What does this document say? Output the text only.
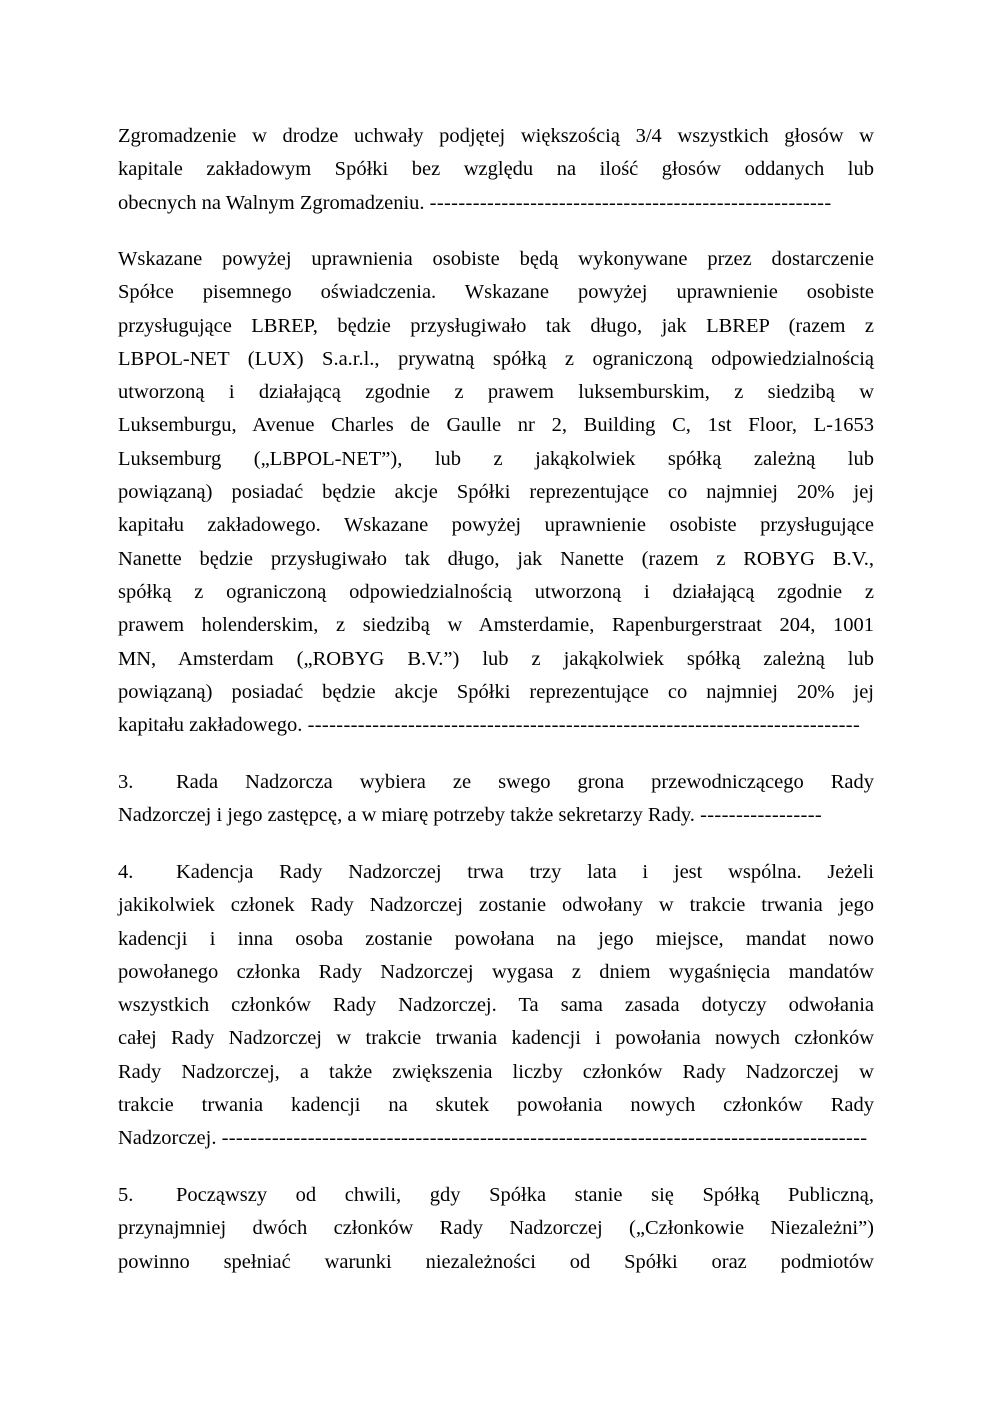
Zgromadzenie w drodze uchwały podjętej większością 3/4 wszystkich głosów w
kapitale zakładowym Spółki bez względu na ilość głosów oddanych lub
obecnych na Walnym Zgromadzeniu. --------------------------------------------------------
Wskazane powyżej uprawnienia osobiste będą wykonywane przez dostarczenie
Spółce pisemnego oświadczenia. Wskazane powyżej uprawnienie osobiste
przysługujące LBREP, będzie przysługiwało tak długo, jak LBREP (razem z
LBPOL-NET (LUX) S.a.r.l., prywatną spółką z ograniczoną odpowiedzialnością
utworzoną i działającą zgodnie z prawem luksemburskim, z siedzibą w
Luksemburgu, Avenue Charles de Gaulle nr 2, Building C, 1st Floor, L-1653
Luksemburg („LBPOL-NET”), lub z jakąkolwiek spółką zależną lub
powiązaną) posiadać będzie akcje Spółki reprezentujące co najmniej 20% jej
kapitału zakładowego. Wskazane powyżej uprawnienie osobiste przysługujące
Nanette będzie przysługiwało tak długo, jak Nanette (razem z ROBYG B.V.,
spółką z ograniczoną odpowiedzialnością utworzoną i działającą zgodnie z
prawem holenderskim, z siedzibą w Amsterdamie, Rapenburgerstraat 204, 1001
MN, Amsterdam („ROBYG B.V.”) lub z jakąkolwiek spółką zależną lub
powiązaną) posiadać będzie akcje Spółki reprezentujące co najmniej 20% jej
kapitału zakładowego. -----------------------------------------------------------------------------
3. Rada Nadzorcza wybiera ze swego grona przewodniczącego Rady
Nadzorczej i jego zastępcę, a w miarę potrzeby także sekretarzy Rady. -----------------
4. Kadencja Rady Nadzorczej trwa trzy lata i jest wspólna. Jeżeli
jakikolwiek członek Rady Nadzorczej zostanie odwołany w trakcie trwania jego
kadencji i inna osoba zostanie powołana na jego miejsce, mandat nowo
powołanego członka Rady Nadzorczej wygasa z dniem wygaśnięcia mandatów
wszystkich członków Rady Nadzorczej. Ta sama zasada dotyczy odwołania
całej Rady Nadzorczej w trakcie trwania kadencji i powołania nowych członków
Rady Nadzorczej, a także zwiększenia liczby członków Rady Nadzorczej w
trakcie trwania kadencji na skutek powołania nowych członków Rady
Nadzorczej. ------------------------------------------------------------------------------------------
5. Począwszy od chwili, gdy Spółka stanie się Spółką Publiczną,
przynajmniej dwóch członków Rady Nadzorczej („Członkowie Niezależni”)
powinno spełniać warunki niezależności od Spółki oraz podmiotów
